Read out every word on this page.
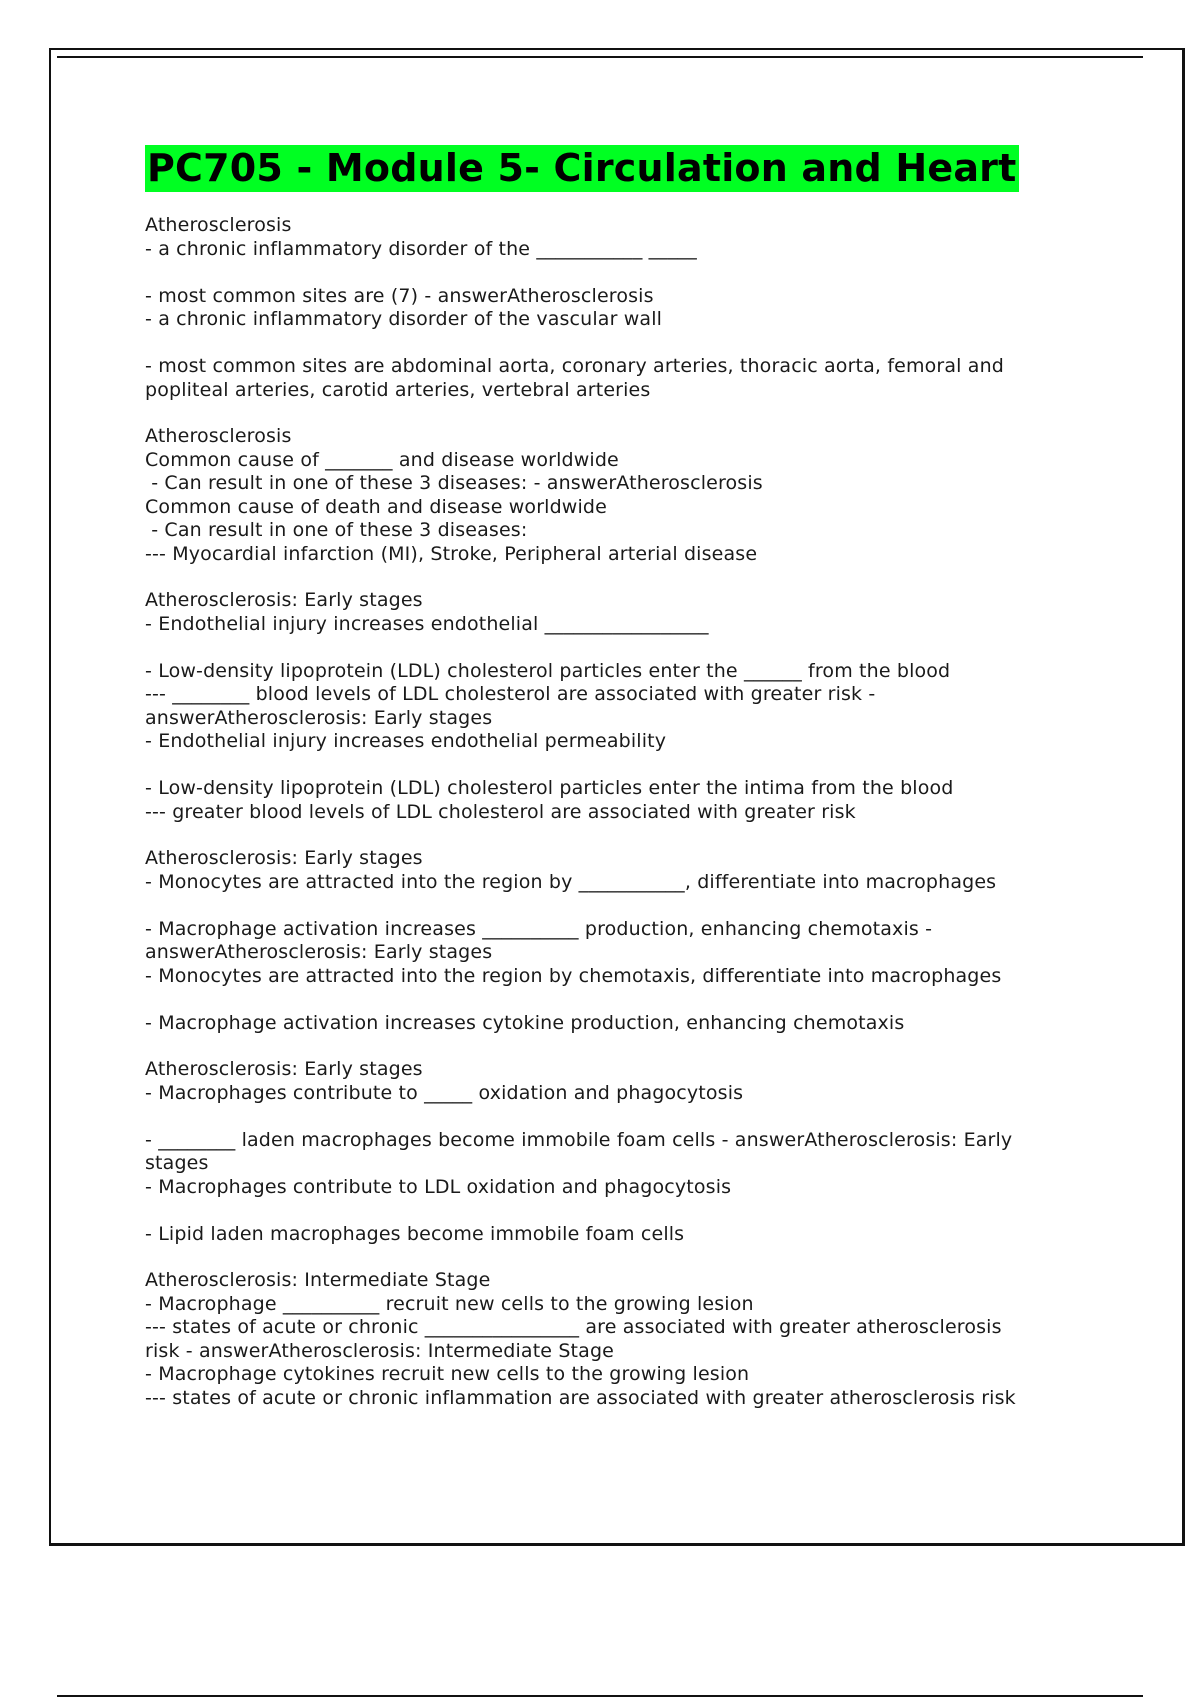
PC705 - Module 5- Circulation and Heart
Atherosclerosis
- a chronic inflammatory disorder of the ___________ _____

- most common sites are (7) - answerAtherosclerosis
- a chronic inflammatory disorder of the vascular wall

- most common sites are abdominal aorta, coronary arteries, thoracic aorta, femoral and
popliteal arteries, carotid arteries, vertebral arteries
Atherosclerosis
Common cause of _______ and disease worldwide
- Can result in one of these 3 diseases: - answerAtherosclerosis
Common cause of death and disease worldwide
- Can result in one of these 3 diseases:
--- Myocardial infarction (MI), Stroke, Peripheral arterial disease
Atherosclerosis: Early stages
- Endothelial injury increases endothelial _________________

- Low-density lipoprotein (LDL) cholesterol particles enter the ______ from the blood
--- ________ blood levels of LDL cholesterol are associated with greater risk -
answerAtherosclerosis: Early stages
- Endothelial injury increases endothelial permeability

- Low-density lipoprotein (LDL) cholesterol particles enter the intima from the blood
--- greater blood levels of LDL cholesterol are associated with greater risk
Atherosclerosis: Early stages
- Monocytes are attracted into the region by ___________, differentiate into macrophages

- Macrophage activation increases __________ production, enhancing chemotaxis -
answerAtherosclerosis: Early stages
- Monocytes are attracted into the region by chemotaxis, differentiate into macrophages

- Macrophage activation increases cytokine production, enhancing chemotaxis
Atherosclerosis: Early stages
- Macrophages contribute to _____ oxidation and phagocytosis

- ________ laden macrophages become immobile foam cells - answerAtherosclerosis: Early
stages
- Macrophages contribute to LDL oxidation and phagocytosis

- Lipid laden macrophages become immobile foam cells
Atherosclerosis: Intermediate Stage
- Macrophage __________ recruit new cells to the growing lesion
--- states of acute or chronic ________________ are associated with greater atherosclerosis
risk - answerAtherosclerosis: Intermediate Stage
- Macrophage cytokines recruit new cells to the growing lesion
--- states of acute or chronic inflammation are associated with greater atherosclerosis risk
